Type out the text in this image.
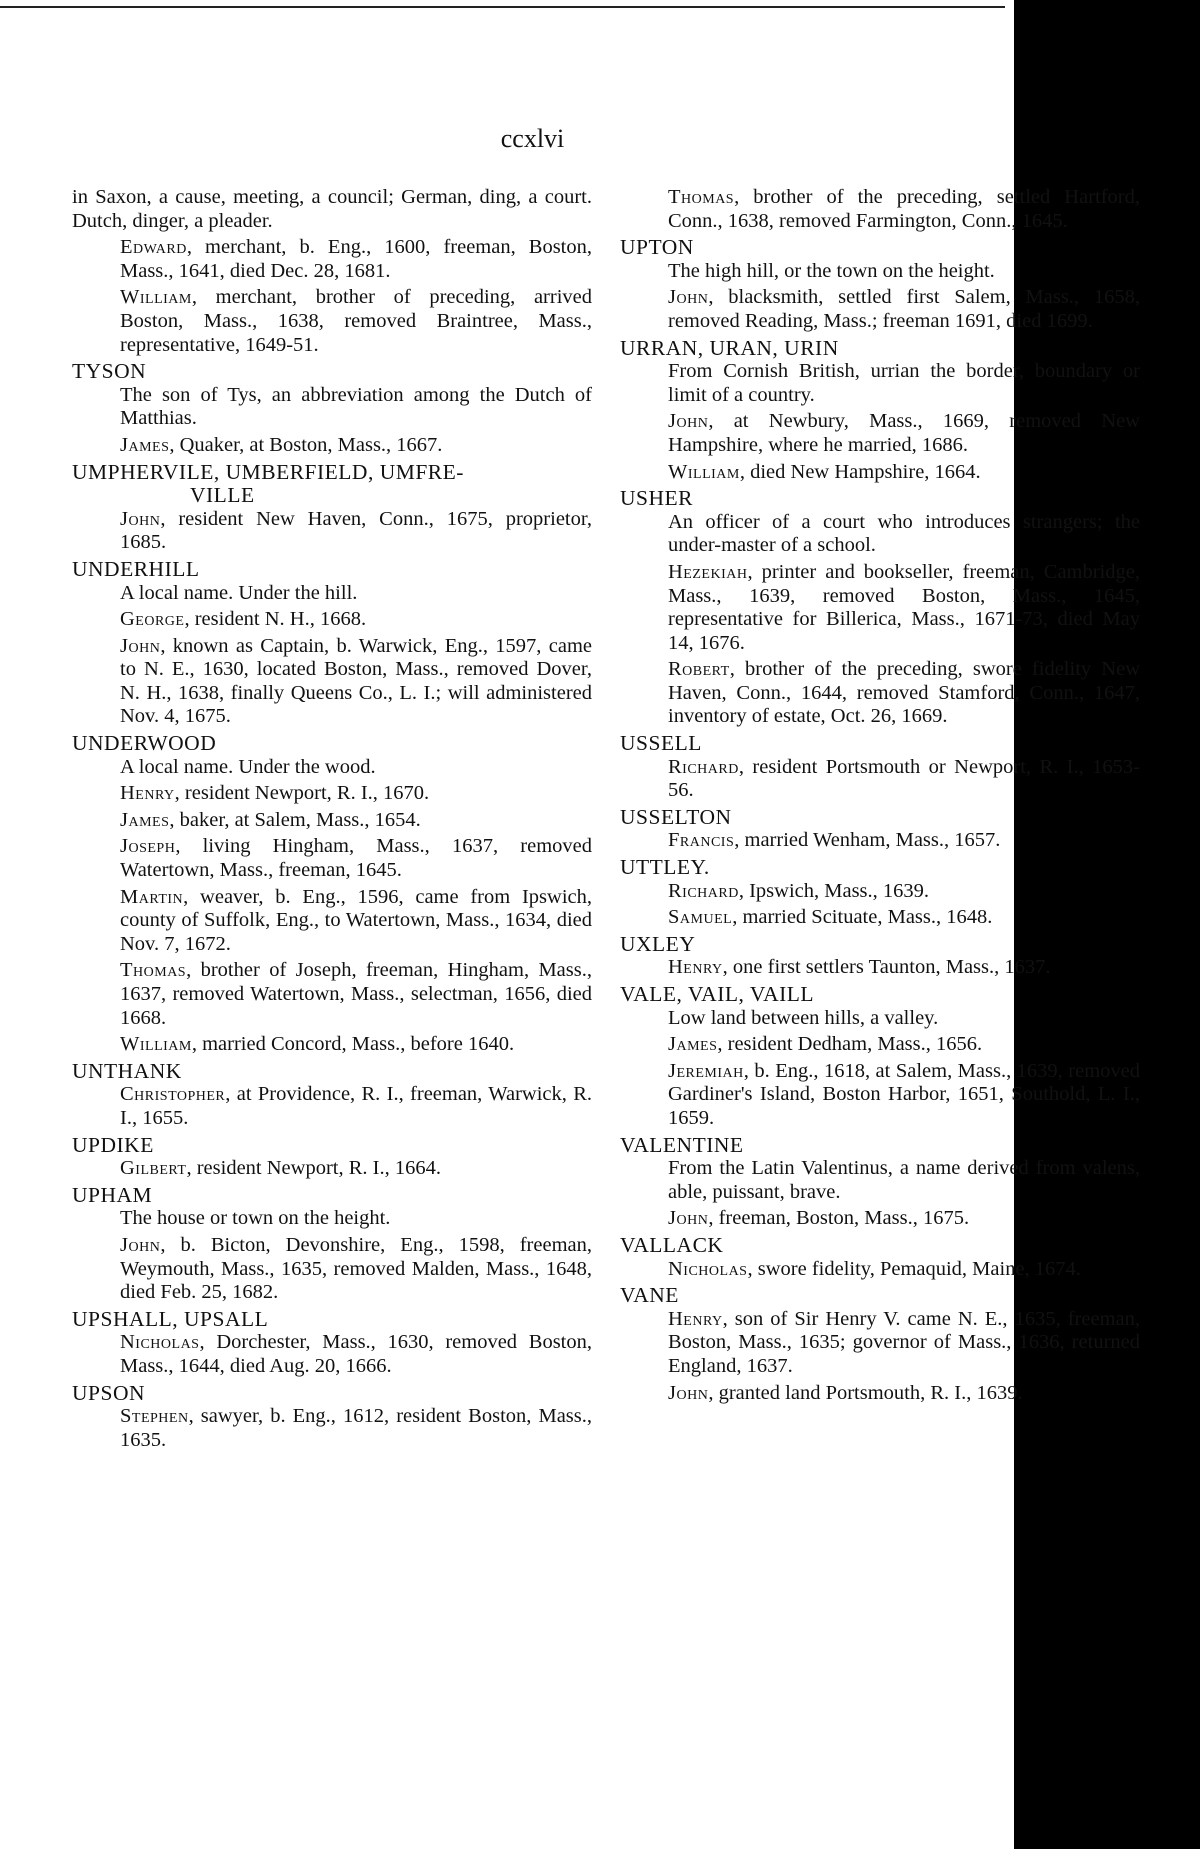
ccxlvi

in Saxon, a cause, meeting, a council; German, ding, a court. Dutch, dinger, a pleader.

Edward, merchant, b. Eng., 1600, freeman, Boston, Mass., 1641, died Dec. 28, 1681.

William, merchant, brother of preceding, arrived Boston, Mass., 1638, removed Braintree, Mass., representative, 1649-51.

TYSON

The son of Tys, an abbreviation among the Dutch of Matthias.

James, Quaker, at Boston, Mass., 1667.

UMPHERVILE, UMBERFIELD, UMFRE-

VILLE

John, resident New Haven, Conn., 1675, proprietor, 1685.

UNDERHILL

A local name. Under the hill.

George, resident N. H., 1668.

John, known as Captain, b. Warwick, Eng., 1597, came to N. E., 1630, located Boston, Mass., removed Dover, N. H., 1638, finally Queens Co., L. I.; will administered Nov. 4, 1675.

UNDERWOOD

A local name. Under the wood.

Henry, resident Newport, R. I., 1670.

James, baker, at Salem, Mass., 1654.

Joseph, living Hingham, Mass., 1637, removed Watertown, Mass., freeman, 1645.

Martin, weaver, b. Eng., 1596, came from Ipswich, county of Suffolk, Eng., to Watertown, Mass., 1634, died Nov. 7, 1672.

Thomas, brother of Joseph, freeman, Hingham, Mass., 1637, removed Watertown, Mass., selectman, 1656, died 1668.

William, married Concord, Mass., before 1640.

UNTHANK

Christopher, at Providence, R. I., freeman, Warwick, R. I., 1655.

UPDIKE

Gilbert, resident Newport, R. I., 1664.

UPHAM

The house or town on the height.

John, b. Bicton, Devonshire, Eng., 1598, freeman, Weymouth, Mass., 1635, removed Malden, Mass., 1648, died Feb. 25, 1682.

UPSHALL, UPSALL

Nicholas, Dorchester, Mass., 1630, removed Boston, Mass., 1644, died Aug. 20, 1666.

UPSON

Stephen, sawyer, b. Eng., 1612, resident Boston, Mass., 1635.

Thomas, brother of the preceding, settled Hartford, Conn., 1638, removed Farmington, Conn., 1645.

UPTON

The high hill, or the town on the height.

John, blacksmith, settled first Salem, Mass., 1658, removed Reading, Mass.; freeman 1691, died 1699.

URRAN, URAN, URIN

From Cornish British, urrian the border, boundary or limit of a country.

John, at Newbury, Mass., 1669, removed New Hampshire, where he married, 1686.

William, died New Hampshire, 1664.

USHER

An officer of a court who introduces strangers; the under-master of a school.

Hezekiah, printer and bookseller, freeman, Cambridge, Mass., 1639, removed Boston, Mass., 1645, representative for Billerica, Mass., 1671-73, died May 14, 1676.

Robert, brother of the preceding, swore fidelity New Haven, Conn., 1644, removed Stamford, Conn., 1647, inventory of estate, Oct. 26, 1669.

USSELL

Richard, resident Portsmouth or Newport, R. I., 1653-56.

USSELTON

Francis, married Wenham, Mass., 1657.

UTTLEY.

Richard, Ipswich, Mass., 1639.

Samuel, married Scituate, Mass., 1648.

UXLEY

Henry, one first settlers Taunton, Mass., 1637.

VALE, VAIL, VAILL

Low land between hills, a valley.

James, resident Dedham, Mass., 1656.

Jeremiah, b. Eng., 1618, at Salem, Mass., 1639, removed Gardiner's Island, Boston Harbor, 1651, Southold, L. I., 1659.

VALENTINE

From the Latin Valentinus, a name derived from valens, able, puissant, brave.

John, freeman, Boston, Mass., 1675.

VALLACK

Nicholas, swore fidelity, Pemaquid, Maine, 1674.

VANE

Henry, son of Sir Henry V. came N. E., 1635, freeman, Boston, Mass., 1635; governor of Mass., 1636, returned England, 1637.

John, granted land Portsmouth, R. I., 1639.
